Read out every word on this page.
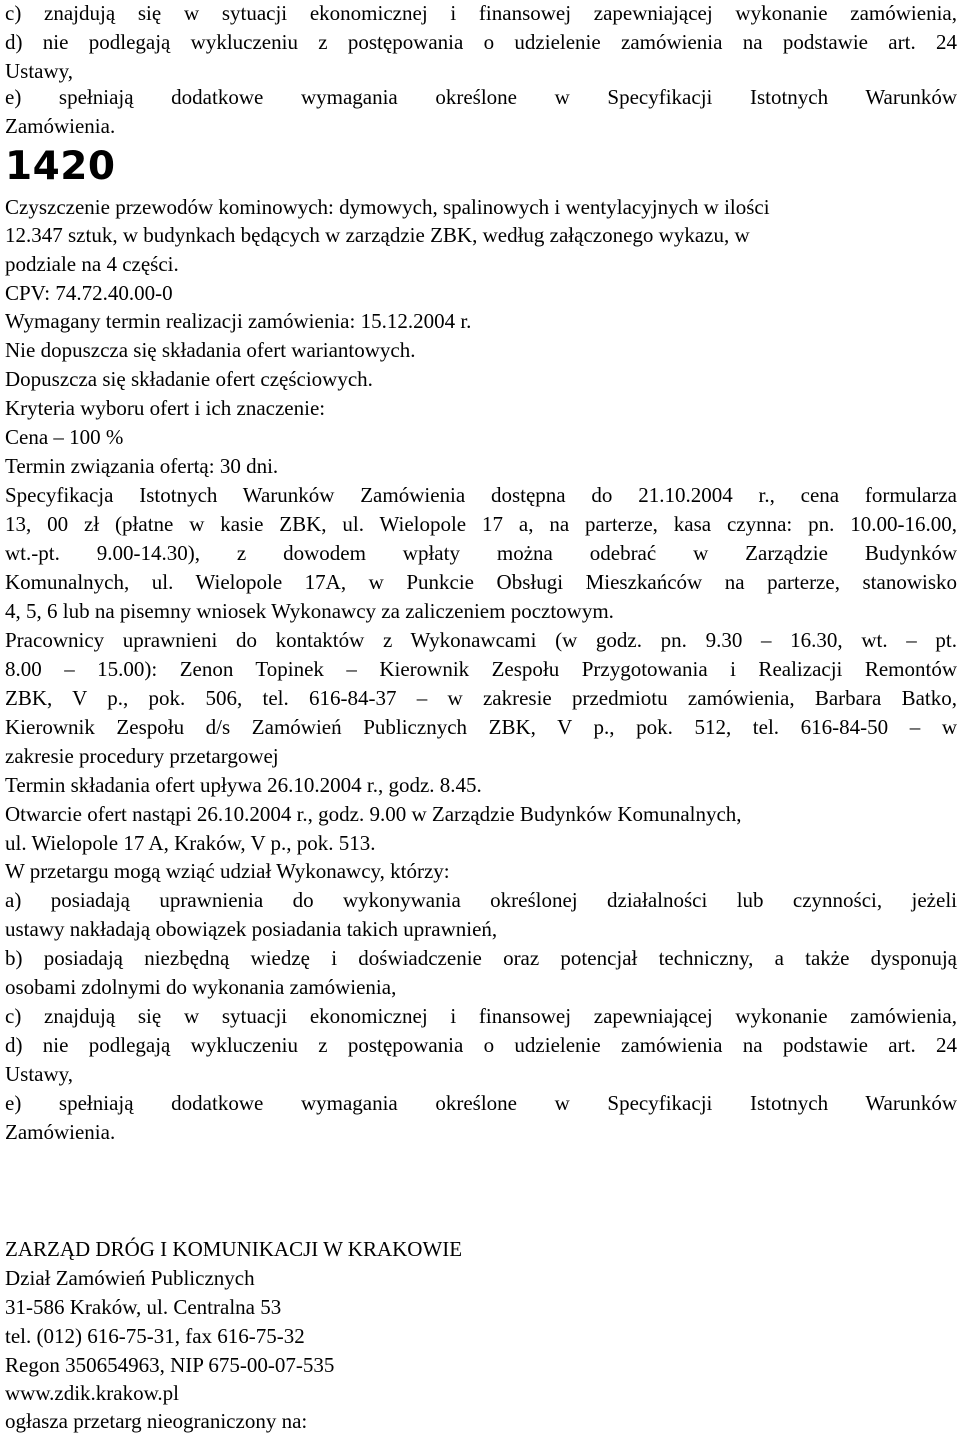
c) znajdują się w sytuacji ekonomicznej i finansowej zapewniającej wykonanie zamówienia,
d) nie podlegają wykluczeniu z postępowania o udzielenie zamówienia na podstawie art. 24
Ustawy,
e) spełniają dodatkowe wymagania określone w Specyfikacji Istotnych Warunków
Zamówienia.
1420
Czyszczenie przewodów kominowych: dymowych, spalinowych i wentylacyjnych w ilości
12.347 sztuk, w budynkach będących w zarządzie ZBK, według załączonego wykazu, w
podziale na 4 części.
CPV: 74.72.40.00-0
Wymagany termin realizacji zamówienia: 15.12.2004 r.
Nie dopuszcza się składania ofert wariantowych.
Dopuszcza się składanie ofert częściowych.
Kryteria wyboru ofert i ich znaczenie:
Cena – 100 %
Termin związania ofertą: 30 dni.
Specyfikacja Istotnych Warunków Zamówienia dostępna do 21.10.2004 r., cena formularza
13, 00 zł (płatne w kasie ZBK, ul. Wielopole 17 a, na parterze, kasa czynna: pn. 10.00-16.00,
wt.-pt. 9.00-14.30), z dowodem wpłaty można odebrać w Zarządzie Budynków
Komunalnych, ul. Wielopole 17A, w Punkcie Obsługi Mieszkańców na parterze, stanowisko
4, 5, 6 lub na pisemny wniosek Wykonawcy za zaliczeniem pocztowym.
Pracownicy uprawnieni do kontaktów z Wykonawcami (w godz. pn. 9.30 – 16.30, wt. – pt.
8.00 – 15.00): Zenon Topinek – Kierownik Zespołu Przygotowania i Realizacji Remontów
ZBK, V p., pok. 506, tel. 616-84-37 – w zakresie przedmiotu zamówienia, Barbara Batko,
Kierownik Zespołu d/s Zamówień Publicznych ZBK, V p., pok. 512, tel. 616-84-50 – w
zakresie procedury przetargowej
Termin składania ofert upływa 26.10.2004 r., godz. 8.45.
Otwarcie ofert nastąpi 26.10.2004 r., godz. 9.00 w Zarządzie Budynków Komunalnych,
ul. Wielopole 17 A, Kraków, V p., pok. 513.
W przetargu mogą wziąć udział Wykonawcy, którzy:
a) posiadają uprawnienia do wykonywania określonej działalności lub czynności, jeżeli
ustawy nakładają obowiązek posiadania takich uprawnień,
b) posiadają niezbędną wiedzę i doświadczenie oraz potencjał techniczny, a także dysponują
osobami zdolnymi do wykonania zamówienia,
c) znajdują się w sytuacji ekonomicznej i finansowej zapewniającej wykonanie zamówienia,
d) nie podlegają wykluczeniu z postępowania o udzielenie zamówienia na podstawie art. 24
Ustawy,
e) spełniają dodatkowe wymagania określone w Specyfikacji Istotnych Warunków
Zamówienia.
ZARZĄD DRÓG I KOMUNIKACJI W KRAKOWIE
Dział Zamówień Publicznych
31-586 Kraków, ul. Centralna 53
tel. (012) 616-75-31, fax 616-75-32
Regon 350654963, NIP 675-00-07-535
www.zdik.krakow.pl
ogłasza przetarg nieograniczony na:
